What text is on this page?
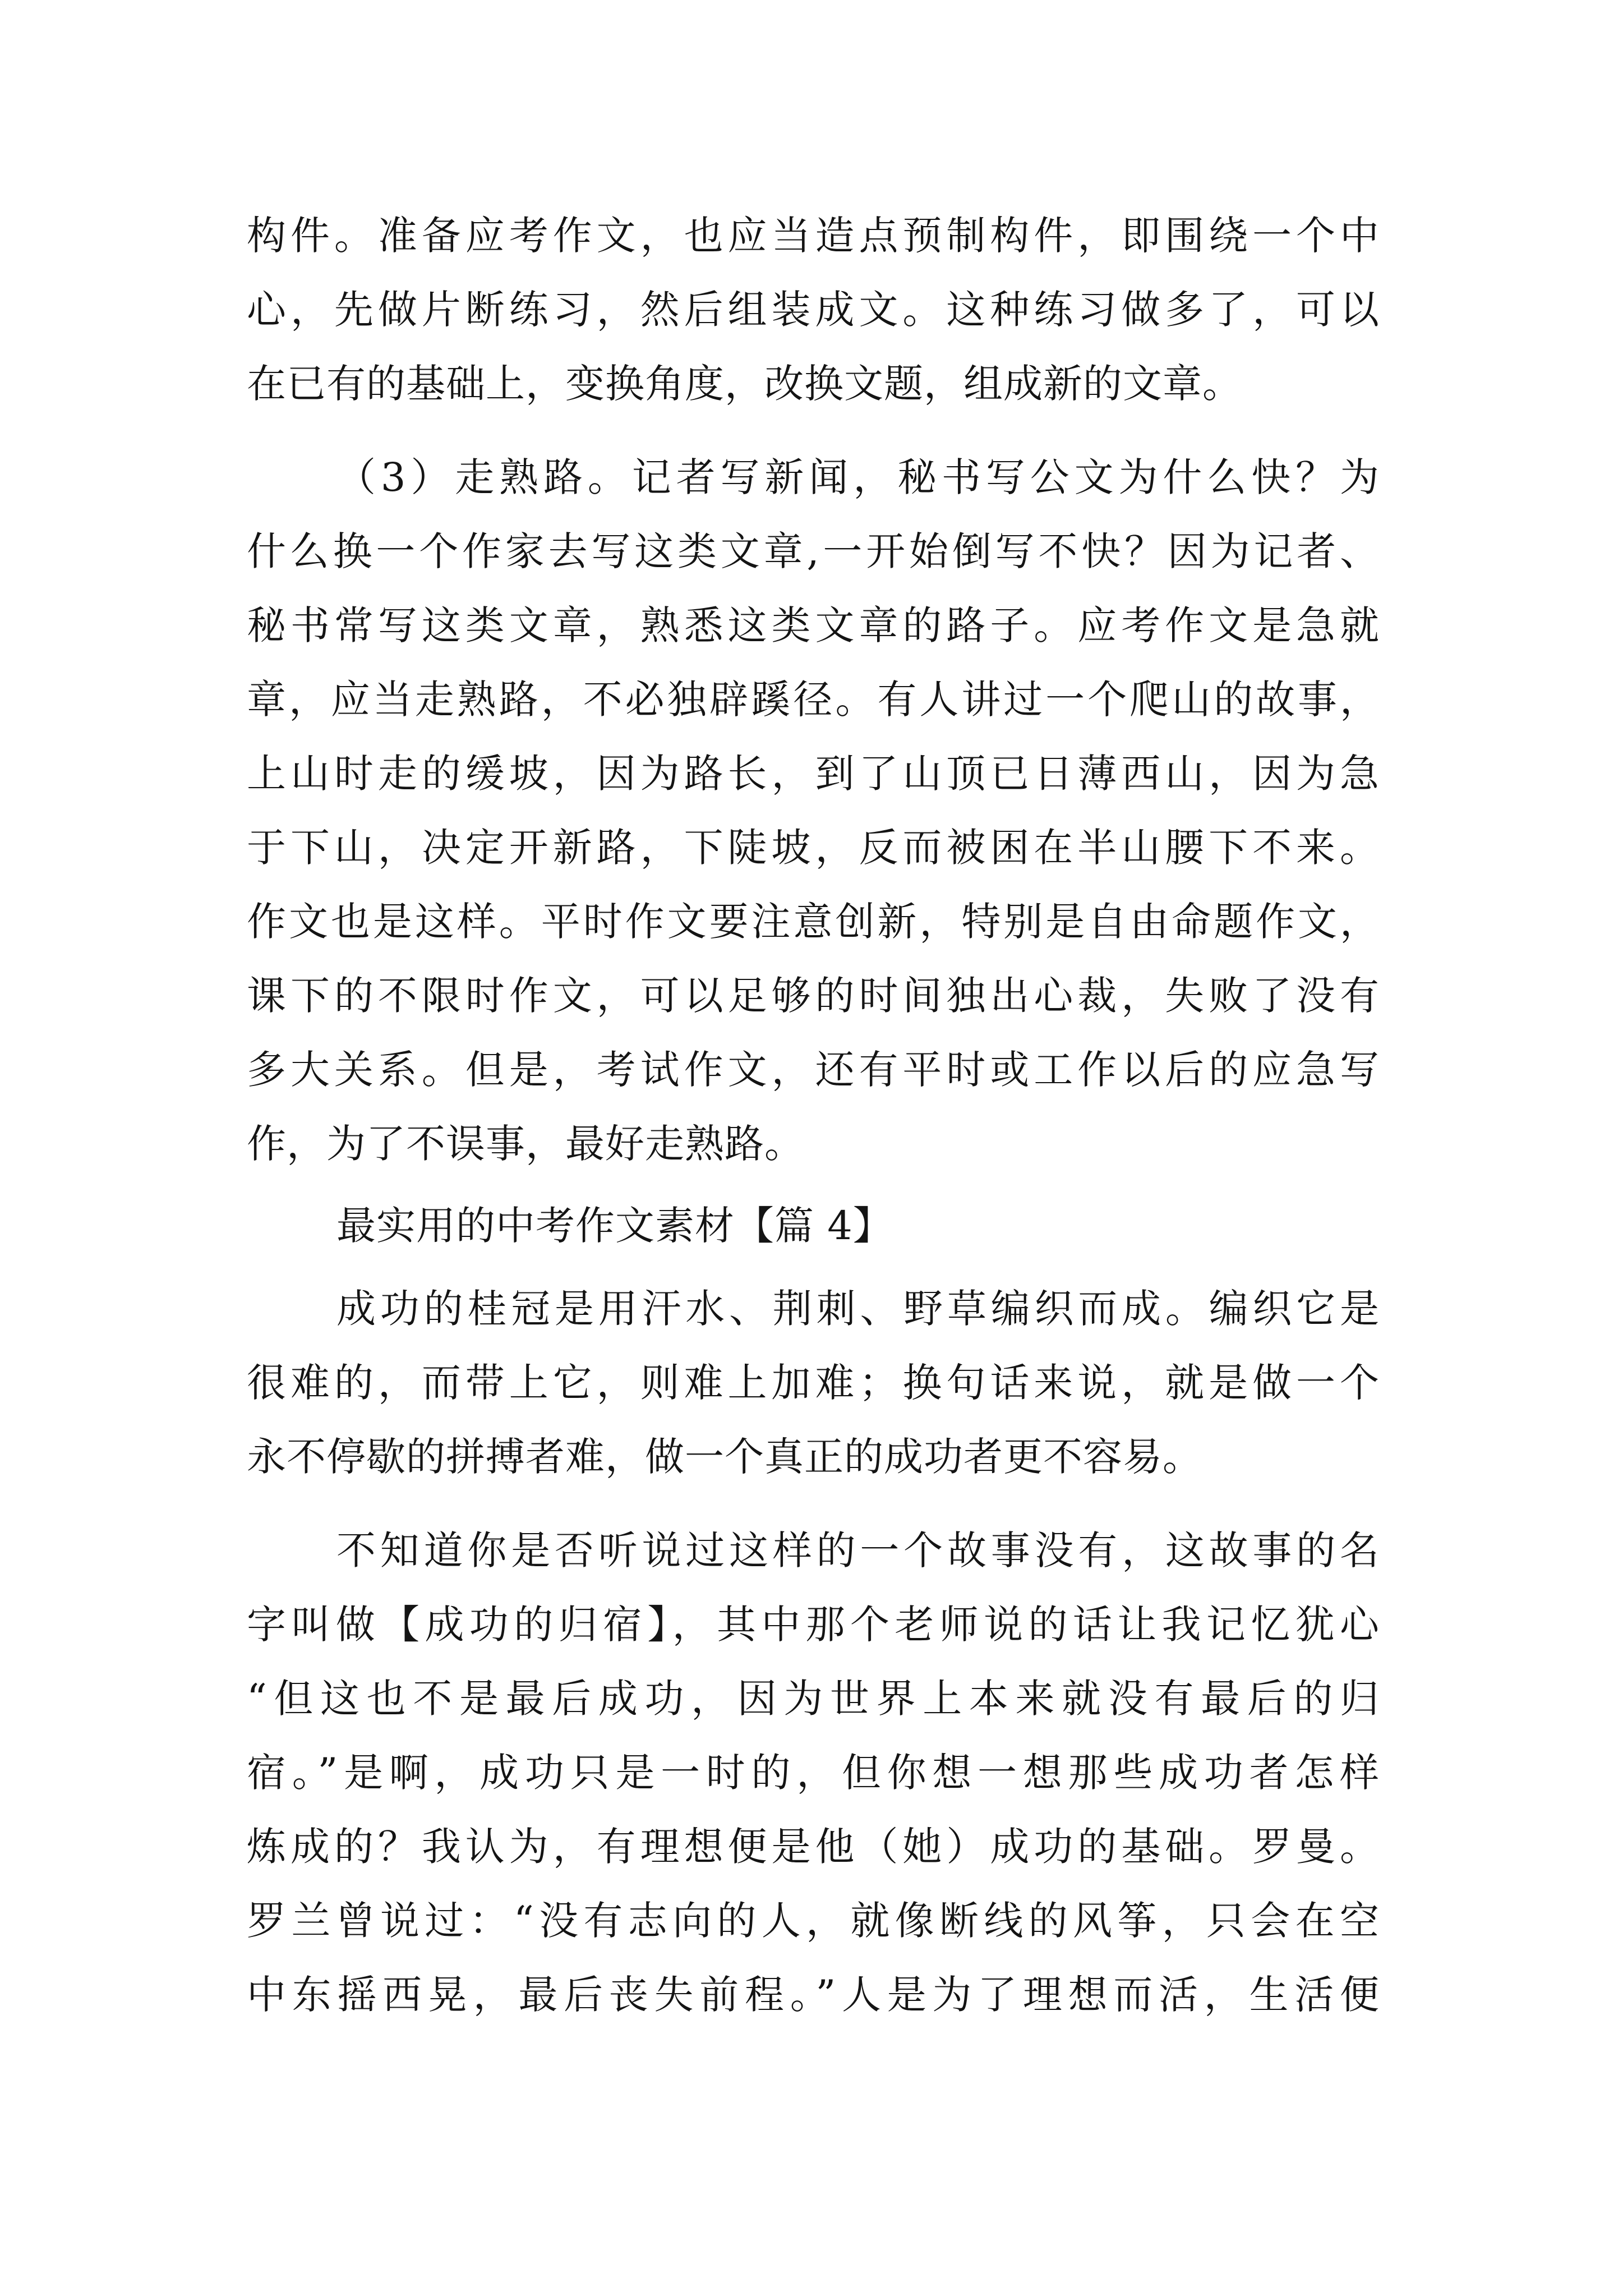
构件。准备应考作文，也应当造点预制构件，即围绕一个中
心，先做片断练习，然后组装成文。这种练习做多了，可以
在已有的基础上，变换角度，改换文题，组成新的文章。
（3）走熟路。记者写新闻，秘书写公文为什么快？为
什么换一个作家去写这类文章,一开始倒写不快？因为记者、
秘书常写这类文章，熟悉这类文章的路子。应考作文是急就
章，应当走熟路，不必独辟蹊径。有人讲过一个爬山的故事，
上山时走的缓坡，因为路长，到了山顶已日薄西山，因为急
于下山，决定开新路，下陡坡，反而被困在半山腰下不来。
作文也是这样。平时作文要注意创新，特别是自由命题作文，
课下的不限时作文，可以足够的时间独出心裁，失败了没有
多大关系。但是，考试作文，还有平时或工作以后的应急写
作，为了不误事，最好走熟路。
最实用的中考作文素材【篇 4】
成功的桂冠是用汗水、荆刺、野草编织而成。编织它是
很难的，而带上它，则难上加难；换句话来说，就是做一个
永不停歇的拼搏者难，做一个真正的成功者更不容易。
不知道你是否听说过这样的一个故事没有，这故事的名
字叫做【成功的归宿】，其中那个老师说的话让我记忆犹心
“但这也不是最后成功，因为世界上本来就没有最后的归
宿。”是啊，成功只是一时的，但你想一想那些成功者怎样
炼成的？我认为，有理想便是他（她）成功的基础。罗曼。
罗兰曾说过：“没有志向的人，就像断线的风筝，只会在空
中东摇西晃，最后丧失前程。”人是为了理想而活，生活便
